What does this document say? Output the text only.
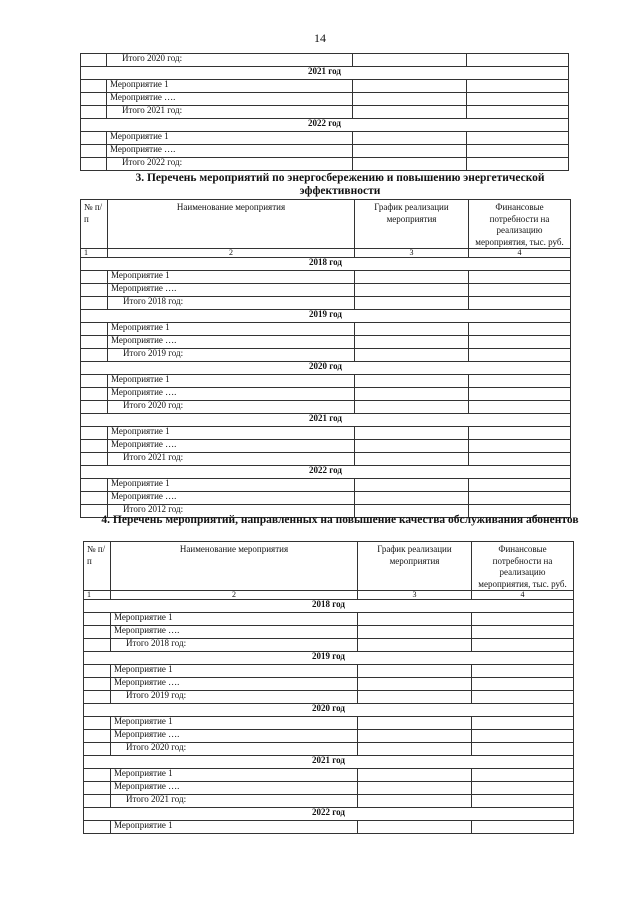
14
	Итого 2020 год:		
2021 год			
	Мероприятие 1		
	Мероприятие ….		
	Итого 2021 год:		
2022 год			
	Мероприятие 1		
	Мероприятие ….		
	Итого 2022 год:		
3. Перечень мероприятий по энергосбережению и повышению энергетической эффективности
№ п/п	Наименование мероприятия	График реализации мероприятия	Финансовые потребности на реализацию мероприятия, тыс. руб.
1	2	3	4
2018 год			
	Мероприятие 1		
	Мероприятие ….		
	Итого 2018 год:		
2019 год			
	Мероприятие 1		
	Мероприятие ….		
	Итого 2019 год:		
2020 год			
	Мероприятие 1		
	Мероприятие ….		
	Итого 2020 год:		
2021 год			
	Мероприятие 1		
	Мероприятие ….		
	Итого 2021 год:		
2022 год			
	Мероприятие 1		
	Мероприятие ….		
	Итого 2012 год:		
4. Перечень мероприятий, направленных на повышение качества обслуживания абонентов
№ п/п	Наименование мероприятия	График реализации мероприятия	Финансовые потребности на реализацию мероприятия, тыс. руб.
1	2	3	4
2018 год			
	Мероприятие 1		
	Мероприятие ….		
	Итого 2018 год:		
2019 год			
	Мероприятие 1		
	Мероприятие ….		
	Итого 2019 год:		
2020 год			
	Мероприятие 1		
	Мероприятие ….		
	Итого 2020 год:		
2021 год			
	Мероприятие 1		
	Мероприятие ….		
	Итого 2021 год:		
2022 год			
	Мероприятие 1		
